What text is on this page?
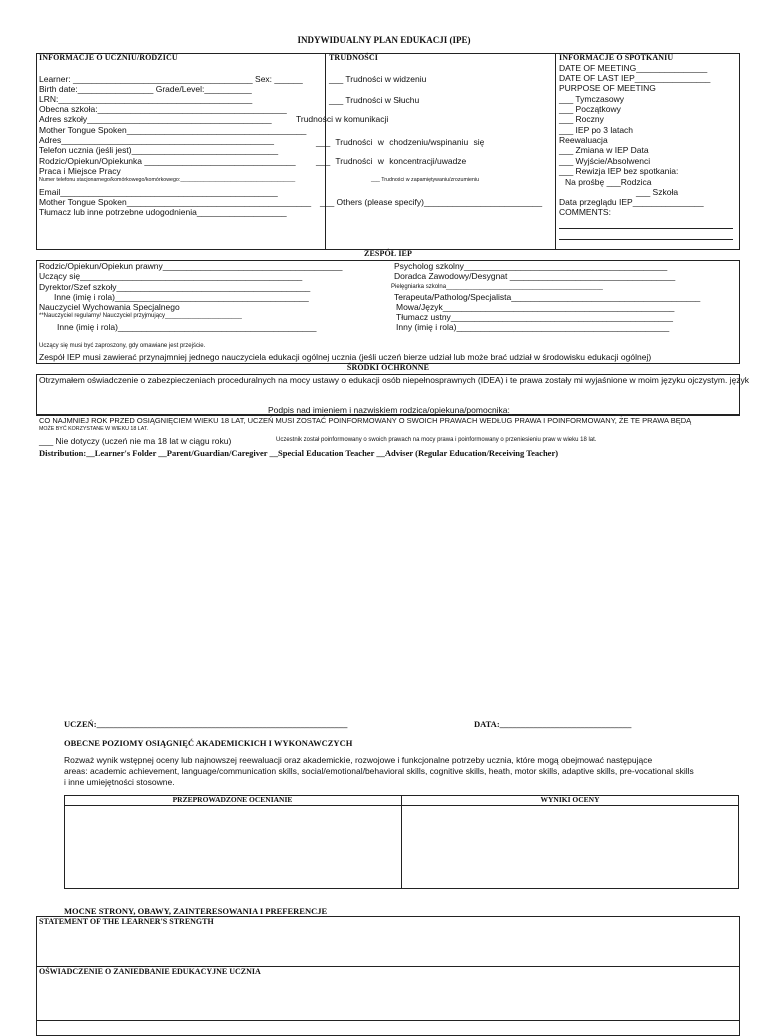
INDYWIDUALNY PLAN EDUKACJI (IPE)
INFORMACJE O UCZNIU/RODZICU
Learner: ______________________________________ Sex: ______
Birth date:________________ Grade/Level:__________
LRN:_________________________________________
Obecna szkoła:________________________________________
Adres szkoły_______________________________________
Mother Tongue Spoken______________________________________
Adres_____________________________________________
Telefon ucznia (jeśli jest)_______________________________
Rodzic/Opiekun/Opiekunka ________________________________
Praca i Miejsce Pracy
Numer telefonu stacjonarnego/komórkowego/komórkowego:_______________________________________
Email______________________________________________
Mother Tongue Spoken_______________________________________
Tłumacz lub inne potrzebne udogodnienia___________________
TRUDNOŚCI
___ Trudności w widzeniu
___ Trudności w Słuchu
Trudności w komunikacji
___ Trudności w chodzeniu/wspinaniu się
___ Trudności w koncentracji/uwadze
___ Trudności w zapamiętywaniu/zrozumieniu
___ Others (please specify)_________________________
INFORMACJE O SPOTKANIU
DATE OF MEETING_______________
DATE OF LAST IEP________________
PURPOSE OF MEETING
___ Tymczasowy
___ Początkowy
___ Roczny
___ IEP po 3 latach
Reewaluacja
___ Zmiana w IEP Data
___ Wyjście/Absolwenci
___ Rewizja IEP bez spotkania:
Na prośbę ___Rodzica
___ Szkoła
Data przeglądu IEP_______________
COMMENTS:
ZESPÓŁ IEP
Rodzic/Opiekun/Opiekun prawny______________________________________
Uczący się_______________________________________________
Dyrektor/Szef szkoły_________________________________________
Inne (imię i rola)_________________________________________
Nauczyciel Wychowania Specjalnego
**Nauczyciel regularny/ Nauczyciel przyjmujący_______________________
Inne (imię i rola)__________________________________________
Psycholog szkolny___________________________________________
Doradca Zawodowy/Desygnat ___________________________________
Pielęgniarka szkolna_______________________________________________
Terapeuta/Patholog/Specjalista________________________________________
Mowa/Język_________________________________________________
Tłumacz ustny_______________________________________________
Inny (imię i rola)_____________________________________________
Uczący się musi być zaproszony, gdy omawiane jest przejście.
Zespół IEP musi zawierać przynajmniej jednego nauczyciela edukacji ogólnej ucznia (jeśli uczeń bierze udział lub może brać udział w środowisku edukacji ogólnej)
ŚRODKI OCHRONNE
Otrzymałem oświadczenie o zabezpieczeniach proceduralnych na mocy ustawy o edukacji osób niepełnosprawnych (IDEA) i te prawa zostały mi wyjaśnione w moim języku ojczystym. język
Podpis nad imieniem i nazwiskiem rodzica/opiekuna/pomocnika: ______________________
CO NAJMNIEJ ROK PRZED OSIĄGNIĘCIEM WIEKU 18 LAT, UCZEŃ MUSI ZOSTAĆ POINFORMOWANY O SWOICH PRAWACH WEDŁUG PRAWA I POINFORMOWANY, ŻE TE PRAWA BĘDĄ
MOŻE BYĆ KORZYSTANE W WIEKU 18 LAT.
___ Nie dotyczy (uczeń nie ma 18 lat w ciągu roku)	Uczestnik został poinformowany o swoich prawach na mocy prawa i poinformowany o przeniesieniu praw w wieku 18 lat.
Distribution:__Learner's Folder __Parent/Guardian/Caregiver __Special Education Teacher __Adviser (Regular Education/Receiving Teacher)
UCZEŃ:___________________________________________________________	DATA:_______________________________
OBECNE POZIOMY OSIĄGNIĘĆ AKADEMICKICH I WYKONAWCZYCH
Rozważ wynik wstępnej oceny lub najnowszej reewaluacji oraz akademickie, rozwojowe i funkcjonalne potrzeby ucznia, które mogą obejmować następujące
areas: academic achievement, language/communication skills, social/emotional/behavioral skills, cognitive skills, heath, motor skills, adaptive skills, pre-vocational skills
i inne umiejętności stosowne.
PRZEPROWADZONE OCENIANIE	WYNIKI OCENY
MOCNE STRONY, OBAWY, ZAINTERESOWANIA I PREFERENCJE
STATEMENT OF THE LEARNER'S STRENGTH
OŚWIADCZENIE O ZANIEDBANIE EDUKACYJNE UCZNIA
